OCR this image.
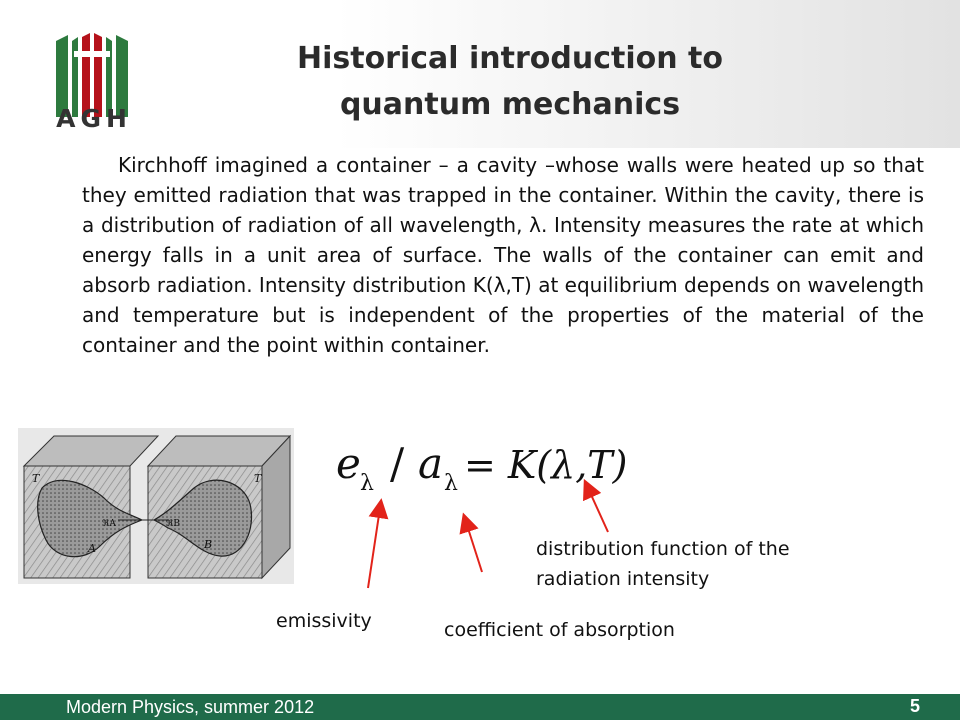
AGH
Historical introduction to
quantum mechanics

Kirchhoff imagined a container – a cavity –whose walls were heated up so that they emitted radiation that was trapped in the container. Within the cavity, there is a distribution of radiation of all wavelength, λ. Intensity measures the rate at which energy falls in a unit area of surface. The walls of the container can emit and absorb radiation. Intensity distribution K(λ,T) at equilibrium depends on wavelength and temperature but is independent of the properties of the material of the container and the point within container.

T	T
A	B
ℜA	ℜB
e λ / a λ = K(λ,T)
emissivity	coefficient of absorption
distribution function of the
radiation intensity
Modern Physics, summer 2012	5
